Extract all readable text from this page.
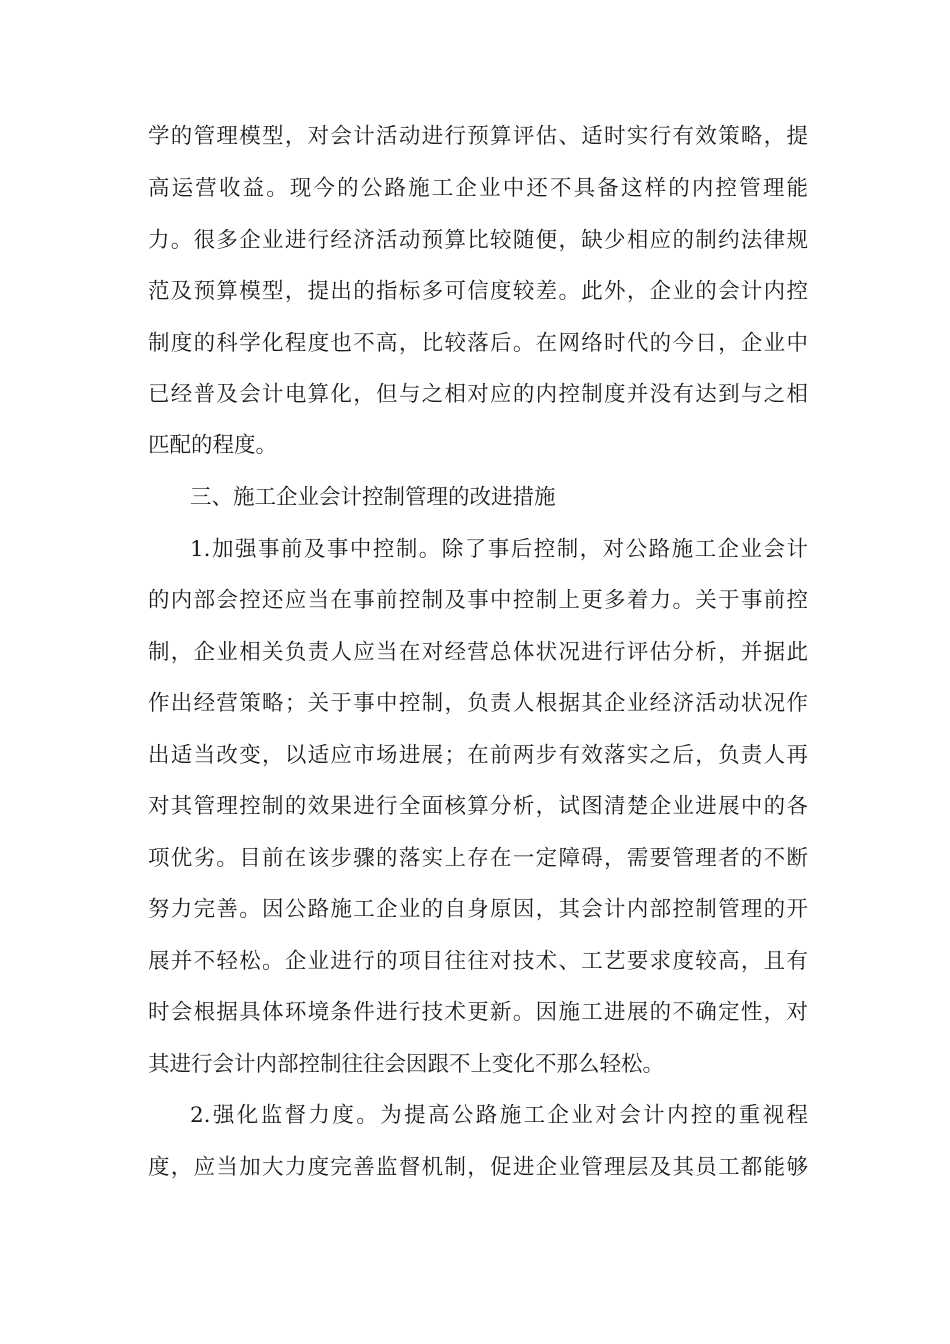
学的管理模型，对会计活动进行预算评估、适时实行有效策略，提
高运营收益。现今的公路施工企业中还不具备这样的内控管理能
力。很多企业进行经济活动预算比较随便，缺少相应的制约法律规
范及预算模型，提出的指标多可信度较差。此外，企业的会计内控
制度的科学化程度也不高，比较落后。在网络时代的今日，企业中
已经普及会计电算化，但与之相对应的内控制度并没有达到与之相
匹配的程度。
三、施工企业会计控制管理的改进措施
1.加强事前及事中控制。除了事后控制，对公路施工企业会计
的内部会控还应当在事前控制及事中控制上更多着力。关于事前控
制，企业相关负责人应当在对经营总体状况进行评估分析，并据此
作出经营策略；关于事中控制，负责人根据其企业经济活动状况作
出适当改变，以适应市场进展；在前两步有效落实之后，负责人再
对其管理控制的效果进行全面核算分析，试图清楚企业进展中的各
项优劣。目前在该步骤的落实上存在一定障碍，需要管理者的不断
努力完善。因公路施工企业的自身原因，其会计内部控制管理的开
展并不轻松。企业进行的项目往往对技术、工艺要求度较高，且有
时会根据具体环境条件进行技术更新。因施工进展的不确定性，对
其进行会计内部控制往往会因跟不上变化不那么轻松。
2.强化监督力度。为提高公路施工企业对会计内控的重视程
度，应当加大力度完善监督机制，促进企业管理层及其员工都能够
